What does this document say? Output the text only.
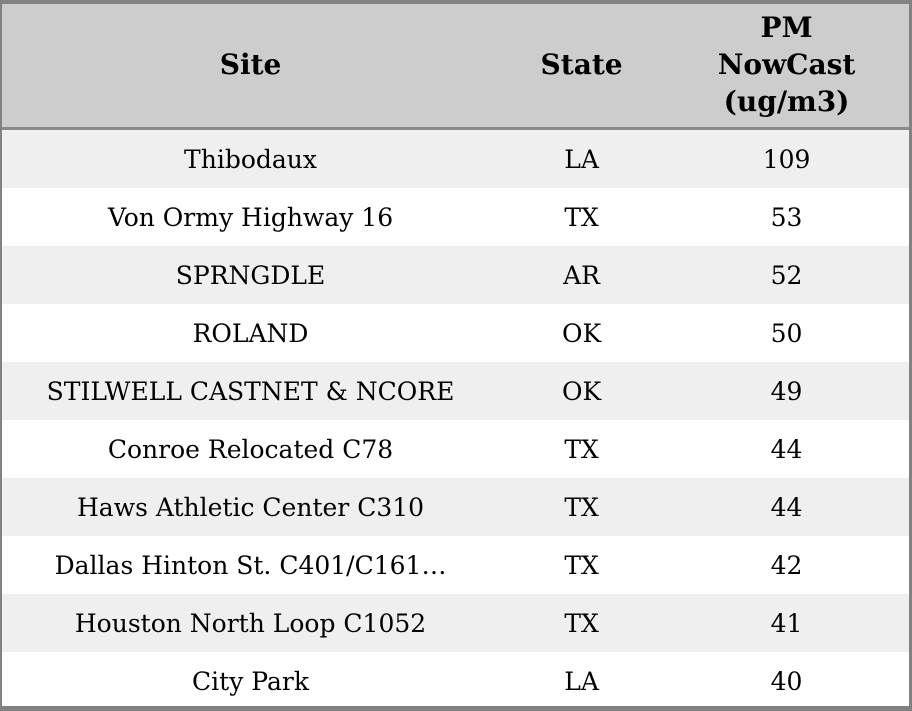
Site	State	PM NowCast (ug/m3)
Thibodaux	LA	109
Von Ormy Highway 16	TX	53
SPRNGDLE	AR	52
ROLAND	OK	50
STILWELL CASTNET & NCORE	OK	49
Conroe Relocated C78	TX	44
Haws Athletic Center C310	TX	44
Dallas Hinton St. C401/C161…	TX	42
Houston North Loop C1052	TX	41
City Park	LA	40
